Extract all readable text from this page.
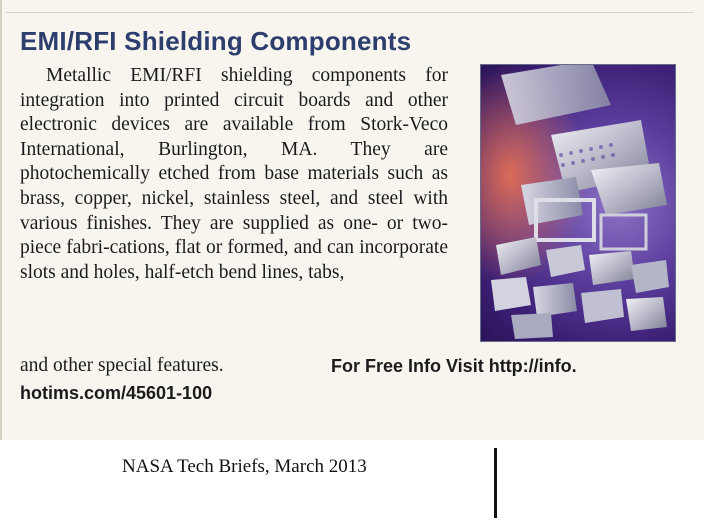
EMI/RFI Shielding Components

Metallic EMI/RFI shielding components for integration into printed circuit boards and other electronic devices are available from Stork-Veco International, Burlington, MA. They are photochemically etched from base materials such as brass, copper, nickel, stainless steel, and steel with various finishes. They are supplied as one- or two-piece fabri-cations, flat or formed, and can incorporate slots and holes, half-etch bend lines, tabs,

and other special features.	For Free Info Visit http://info.
hotims.com/45601-100
NASA Tech Briefs, March 2013
